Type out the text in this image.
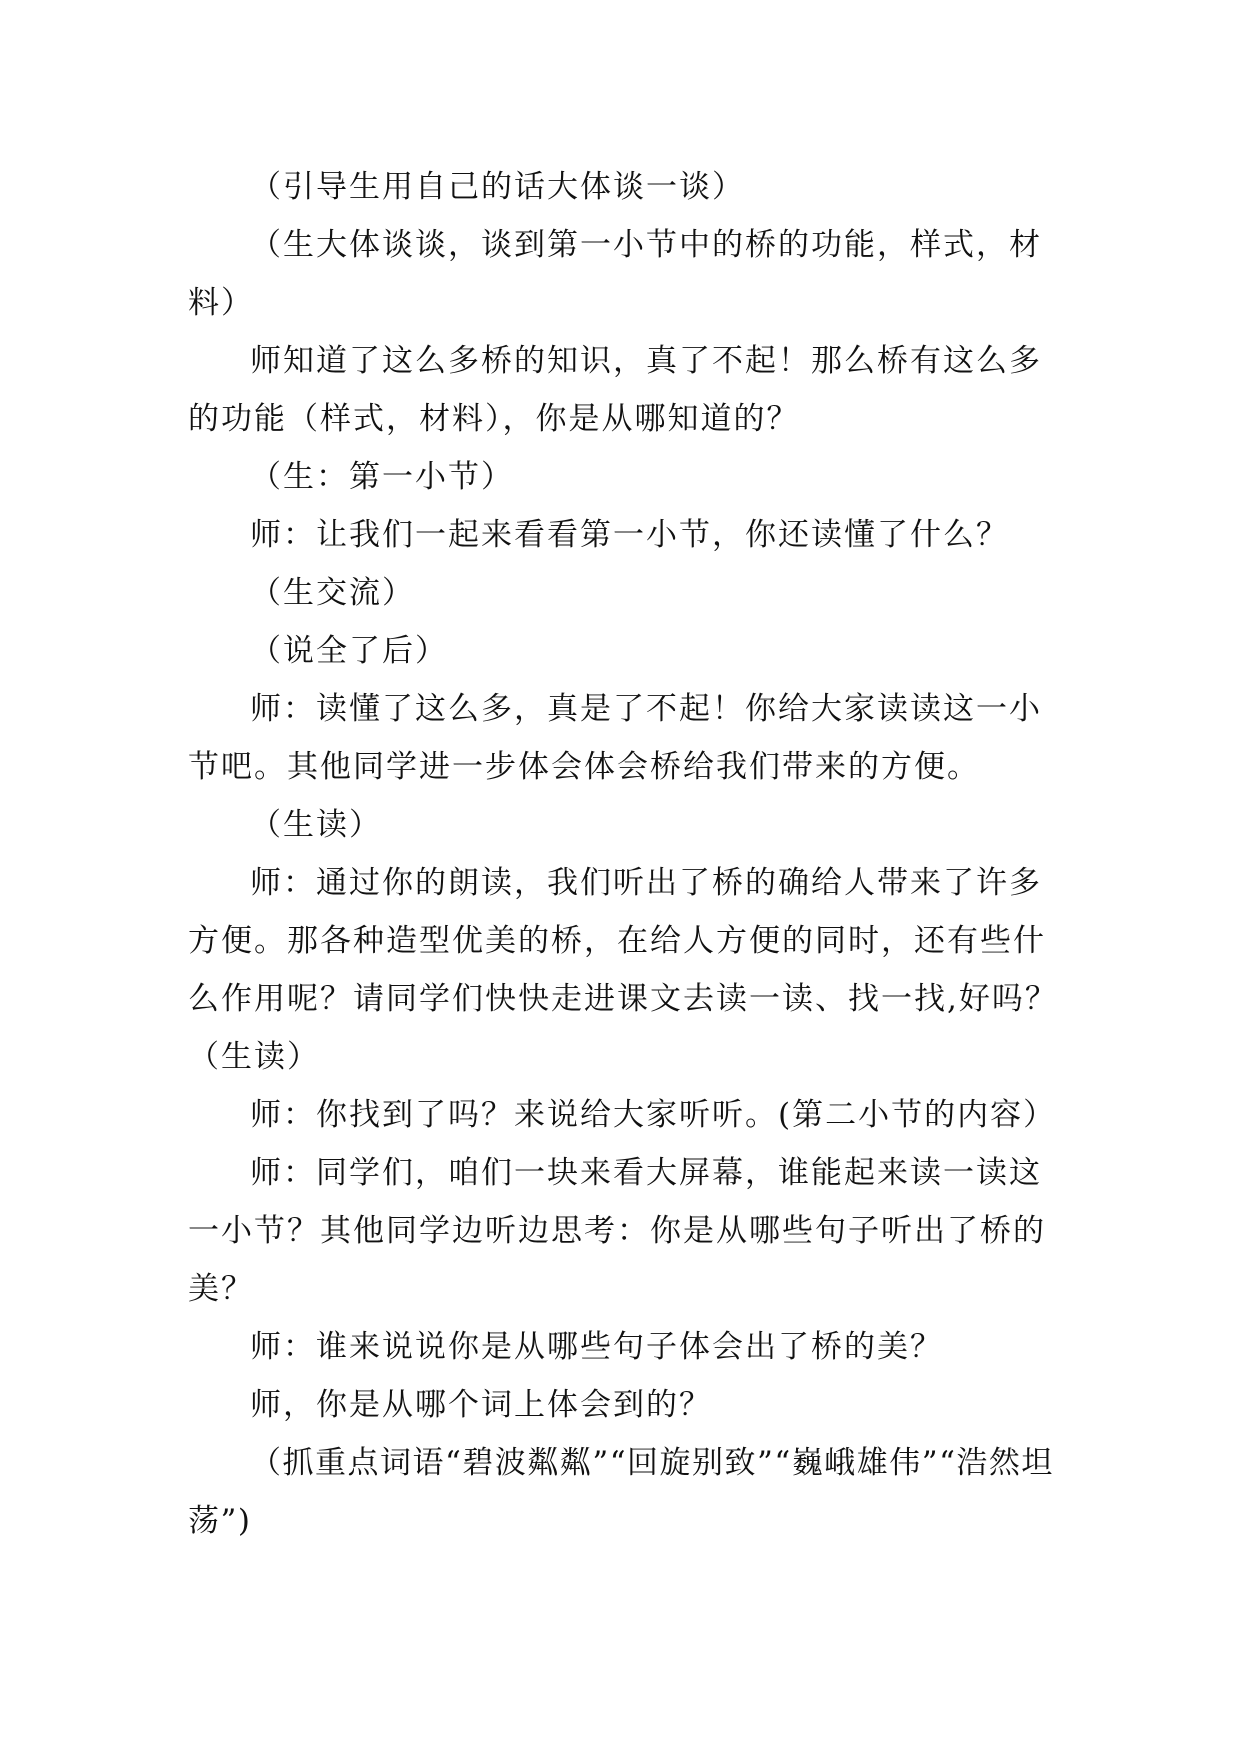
（引导生用自己的话大体谈一谈）

（生大体谈谈，谈到第一小节中的桥的功能，样式，材料）

师知道了这么多桥的知识，真了不起！那么桥有这么多的功能（样式，材料），你是从哪知道的？

（生：第一小节）

师：让我们一起来看看第一小节，你还读懂了什么？

（生交流）

（说全了后）

师：读懂了这么多，真是了不起！你给大家读读这一小节吧。其他同学进一步体会体会桥给我们带来的方便。

（生读）

师：通过你的朗读，我们听出了桥的确给人带来了许多方便。那各种造型优美的桥，在给人方便的同时，还有些什么作用呢？请同学们快快走进课文去读一读、找一找,好吗？

（生读）

师：你找到了吗？来说给大家听听。(第二小节的内容）

师：同学们，咱们一块来看大屏幕，谁能起来读一读这一小节？其他同学边听边思考：你是从哪些句子听出了桥的美？

师：谁来说说你是从哪些句子体会出了桥的美？

师，你是从哪个词上体会到的？

（抓重点词语“碧波粼粼”“回旋别致”“巍峨雄伟”“浩然坦荡”)
